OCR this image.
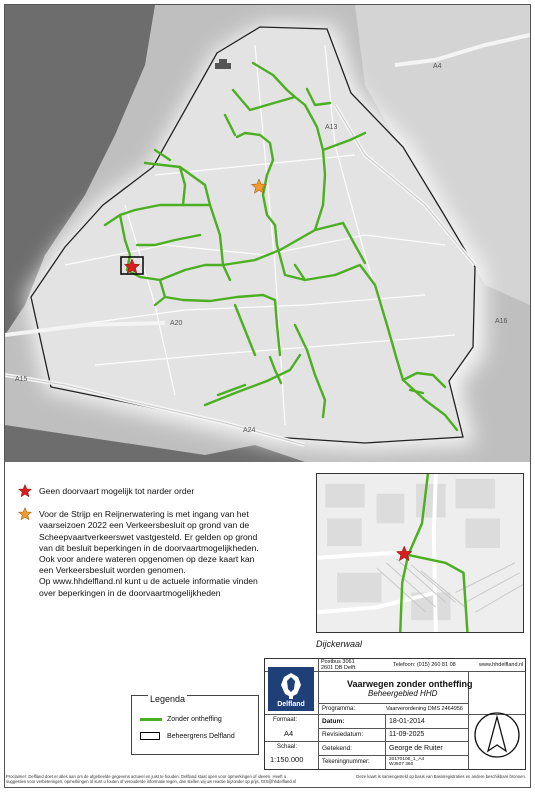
A4
A13
A15
A16
A20
A24
Geen doorvaart mogelijk tot narder order
Voor de Strijp en Reijnerwatering is met ingang van het
vaarseizoen 2022 een Verkeersbesluit op grond van de
Scheepvaartverkeerswet vastgesteld. Er gelden op grond
van dit besluit beperkingen in de doorvaartmogelijkheden.
Ook voor andere wateren opgenomen op deze kaart kan
een Verkeersbesluit worden genomen.
Op www.hhdelfland.nl kunt u de actuele informatie vinden
over beperkingen in de doorvaartmogelijkheden
Dijckerwaal
Legenda
Zonder ontheffing
Beheergrens Delfland
Postbus 3061
2601 DB Delft	Telefoon: (015) 260 81 08	www.hhdelfland.nl
Delfland
Vaarwegen zonder ontheffing
Beheergebied HHD
Programma:	Vaarverordening DMS 2464956
Formaat:
A4
Schaal:
1:150.000
Datum:	18-01-2014
Revisiedatum:	11-09-2025
Getekend:	George de Ruiter
Tekeningnummer:	20170106_1_A4
WJ507 360
Proclaimer: Delfland doet er alles aan om de afgebeelde gegevens actueel en juist te houden. Delfland staat open voor opmerkingen of ideeën. Heeft u suggesties voor verbeteringen, opmerkingen of kunt u fouten of verouderde informatie tegen, dan stellen wij uw reactie bijzonder op prijs, GIS@hhdelfland.nl
Deze kaart is samengesteld op basis van Basisregistraties en andere beschikbare bronnen.
